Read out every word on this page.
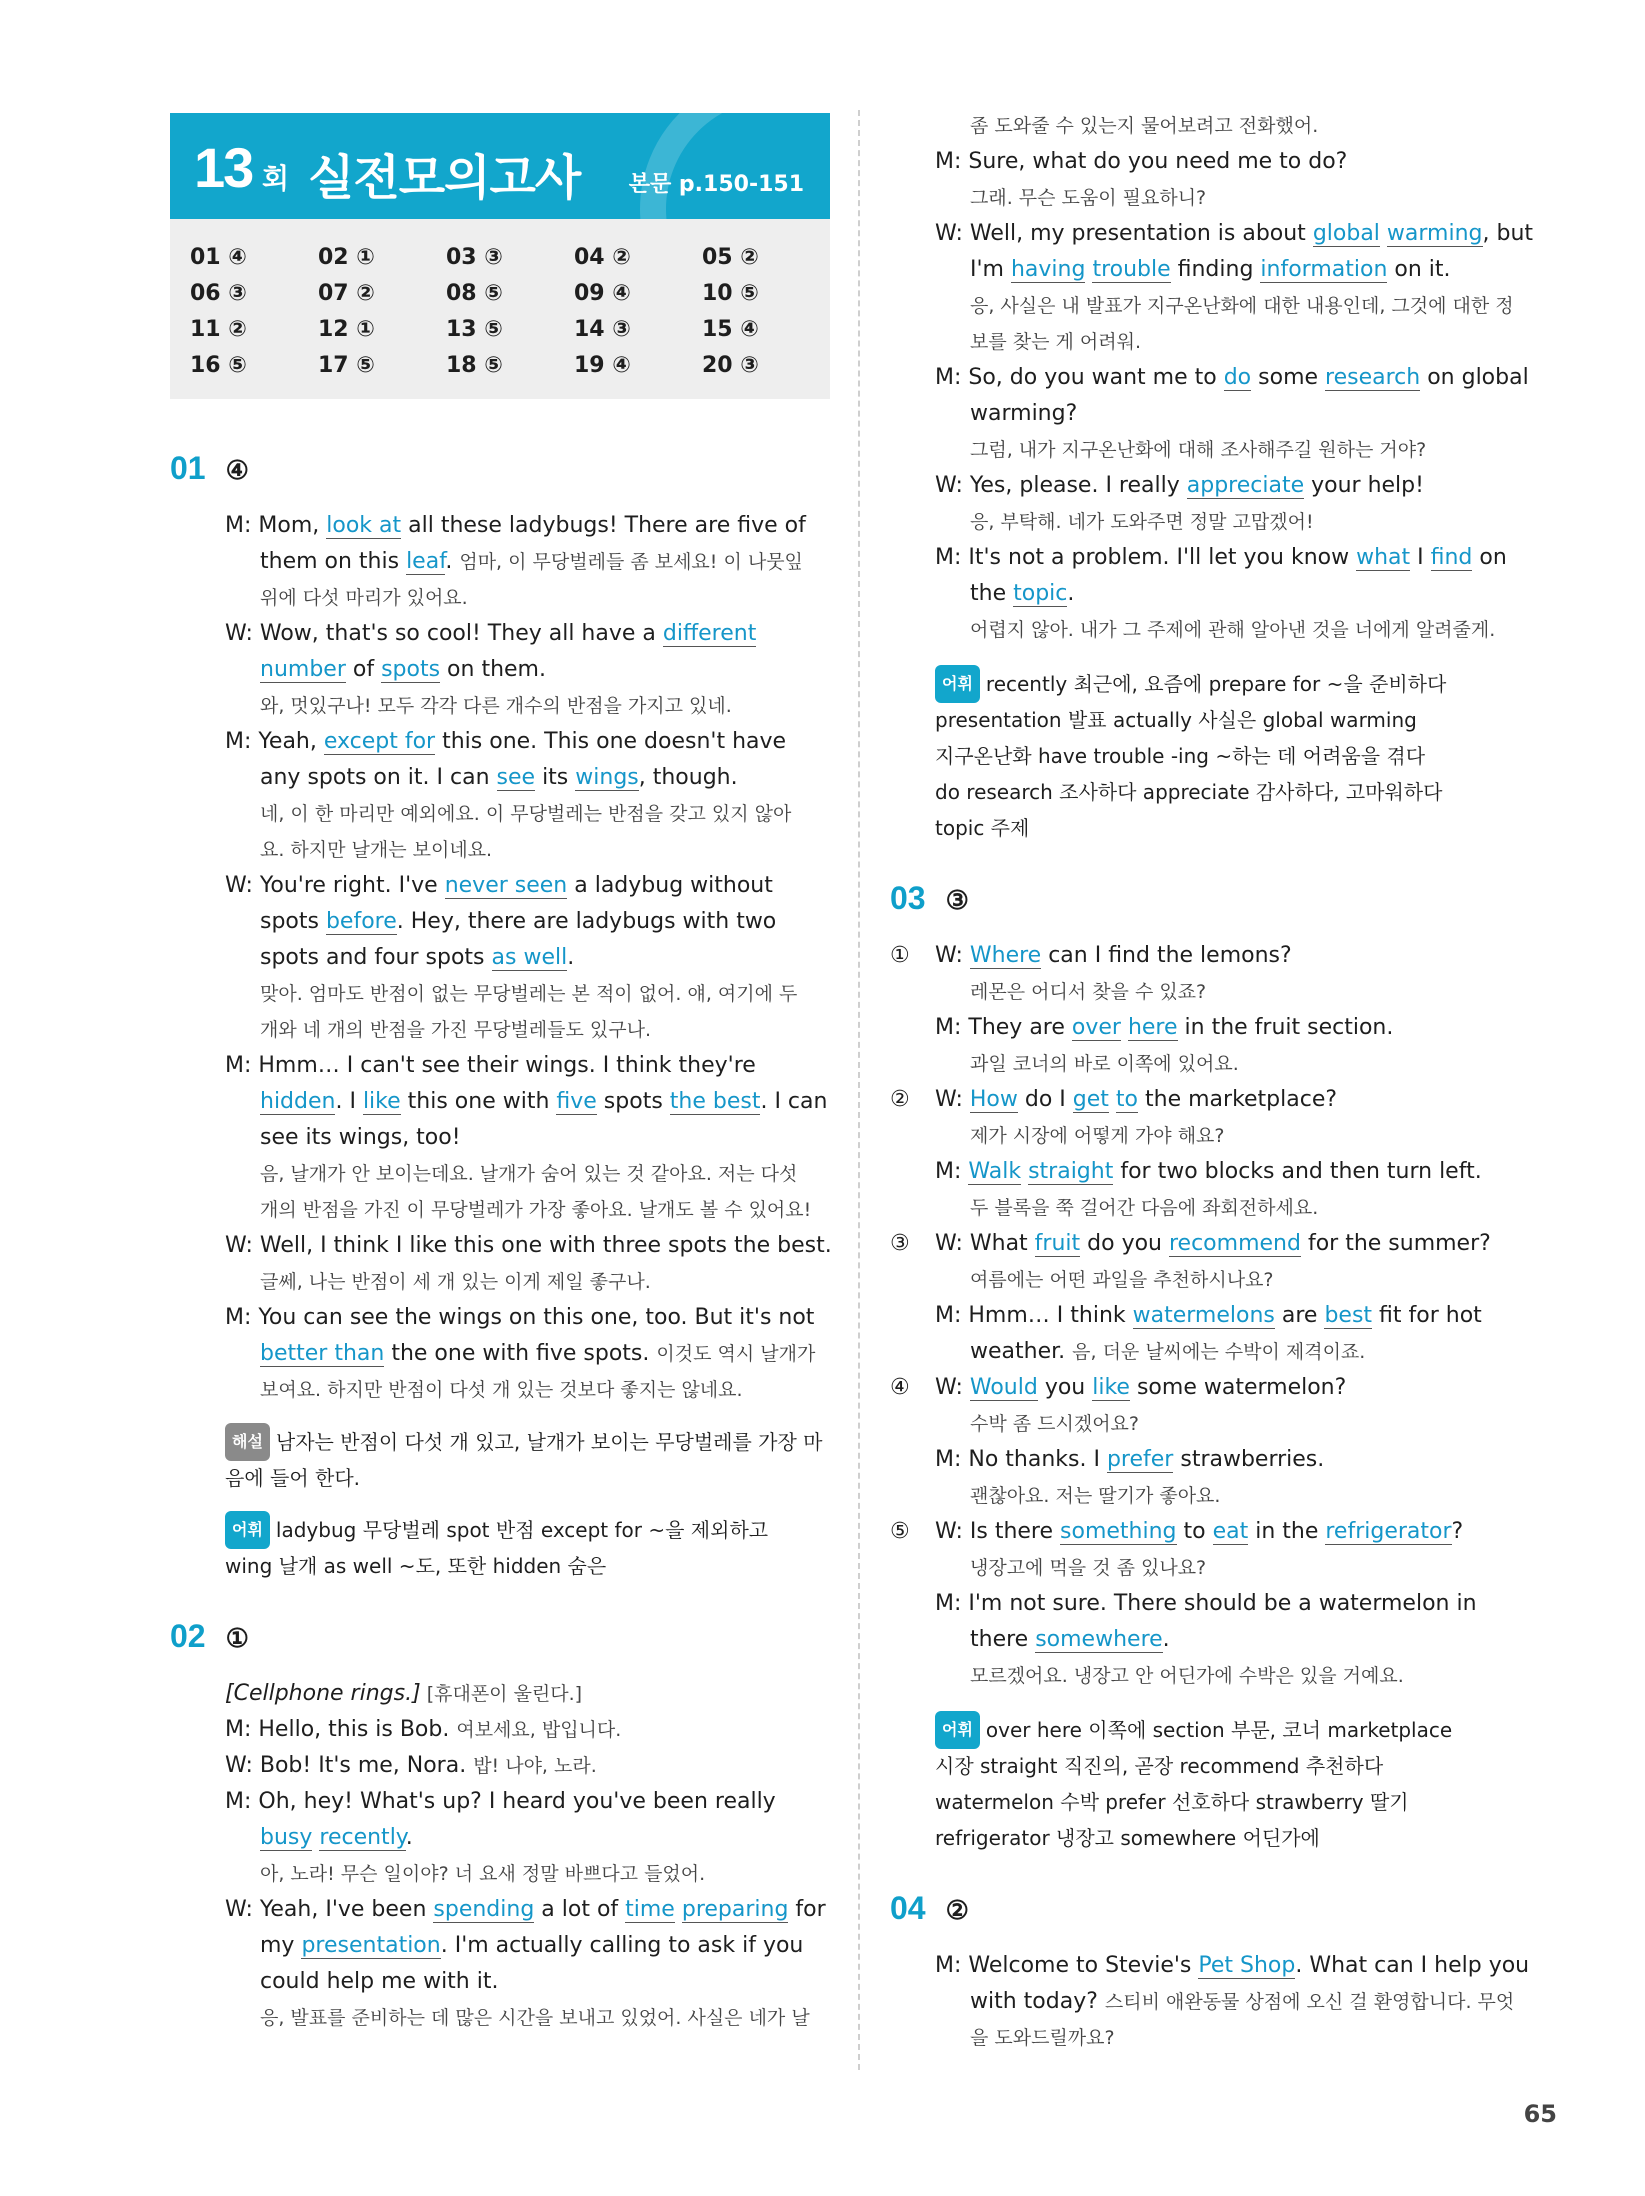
13 회 실전모의고사 본문 p.150-151
01 ④	02 ①	03 ③	04 ②	05 ②
06 ③	07 ②	08 ⑤	09 ④	10 ⑤
11 ②	12 ①	13 ⑤	14 ③	15 ④
16 ⑤	17 ⑤	18 ⑤	19 ④	20 ③
01 ④
M: Mom, look at all these ladybugs! There are five of
them on this leaf. 엄마, 이 무당벌레들 좀 보세요! 이 나뭇잎
위에 다섯 마리가 있어요.
W: Wow, that's so cool! They all have a different
number of spots on them.
와, 멋있구나! 모두 각각 다른 개수의 반점을 가지고 있네.
M: Yeah, except for this one. This one doesn't have
any spots on it. I can see its wings, though.
네, 이 한 마리만 예외에요. 이 무당벌레는 반점을 갖고 있지 않아
요. 하지만 날개는 보이네요.
W: You're right. I've never seen a ladybug without
spots before. Hey, there are ladybugs with two
spots and four spots as well.
맞아. 엄마도 반점이 없는 무당벌레는 본 적이 없어. 얘, 여기에 두
개와 네 개의 반점을 가진 무당벌레들도 있구나.
M: Hmm… I can't see their wings. I think they're
hidden. I like this one with five spots the best. I can
see its wings, too!
음, 날개가 안 보이는데요. 날개가 숨어 있는 것 같아요. 저는 다섯
개의 반점을 가진 이 무당벌레가 가장 좋아요. 날개도 볼 수 있어요!
W: Well, I think I like this one with three spots the best.
글쎄, 나는 반점이 세 개 있는 이게 제일 좋구나.
M: You can see the wings on this one, too. But it's not
better than the one with five spots. 이것도 역시 날개가
보여요. 하지만 반점이 다섯 개 있는 것보다 좋지는 않네요.
해설 남자는 반점이 다섯 개 있고, 날개가 보이는 무당벌레를 가장 마
음에 들어 한다.
어휘 ladybug 무당벌레 spot 반점 except for ~을 제외하고
wing 날개 as well ~도, 또한 hidden 숨은
02 ①
[Cellphone rings.] [휴대폰이 울린다.]
M: Hello, this is Bob. 여보세요, 밥입니다.
W: Bob! It's me, Nora. 밥! 나야, 노라.
M: Oh, hey! What's up? I heard you've been really
busy recently.
아, 노라! 무슨 일이야? 너 요새 정말 바쁘다고 들었어.
W: Yeah, I've been spending a lot of time preparing for
my presentation. I'm actually calling to ask if you
could help me with it.
응, 발표를 준비하는 데 많은 시간을 보내고 있었어. 사실은 네가 날
좀 도와줄 수 있는지 물어보려고 전화했어.
M: Sure, what do you need me to do?
그래. 무슨 도움이 필요하니?
W: Well, my presentation is about global warming, but
I'm having trouble finding information on it.
응, 사실은 내 발표가 지구온난화에 대한 내용인데, 그것에 대한 정
보를 찾는 게 어려워.
M: So, do you want me to do some research on global
warming?
그럼, 내가 지구온난화에 대해 조사해주길 원하는 거야?
W: Yes, please. I really appreciate your help!
응, 부탁해. 네가 도와주면 정말 고맙겠어!
M: It's not a problem. I'll let you know what I find on
the topic.
어렵지 않아. 내가 그 주제에 관해 알아낸 것을 너에게 알려줄게.
어휘 recently 최근에, 요즘에 prepare for ~을 준비하다
presentation 발표 actually 사실은 global warming
지구온난화 have trouble -ing ~하는 데 어려움을 겪다
do research 조사하다 appreciate 감사하다, 고마워하다
topic 주제
03 ③
① W: Where can I find the lemons?
레몬은 어디서 찾을 수 있죠?
M: They are over here in the fruit section.
과일 코너의 바로 이쪽에 있어요.
② W: How do I get to the marketplace?
제가 시장에 어떻게 가야 해요?
M: Walk straight for two blocks and then turn left.
두 블록을 쭉 걸어간 다음에 좌회전하세요.
③ W: What fruit do you recommend for the summer?
여름에는 어떤 과일을 추천하시나요?
M: Hmm… I think watermelons are best fit for hot
weather. 음, 더운 날씨에는 수박이 제격이죠.
④ W: Would you like some watermelon?
수박 좀 드시겠어요?
M: No thanks. I prefer strawberries.
괜찮아요. 저는 딸기가 좋아요.
⑤ W: Is there something to eat in the refrigerator?
냉장고에 먹을 것 좀 있나요?
M: I'm not sure. There should be a watermelon in
there somewhere.
모르겠어요. 냉장고 안 어딘가에 수박은 있을 거예요.
어휘 over here 이쪽에 section 부문, 코너 marketplace
시장 straight 직진의, 곧장 recommend 추천하다
watermelon 수박 prefer 선호하다 strawberry 딸기
refrigerator 냉장고 somewhere 어딘가에
04 ②
M: Welcome to Stevie's Pet Shop. What can I help you
with today? 스티비 애완동물 상점에 오신 걸 환영합니다. 무엇
을 도와드릴까요?
65
